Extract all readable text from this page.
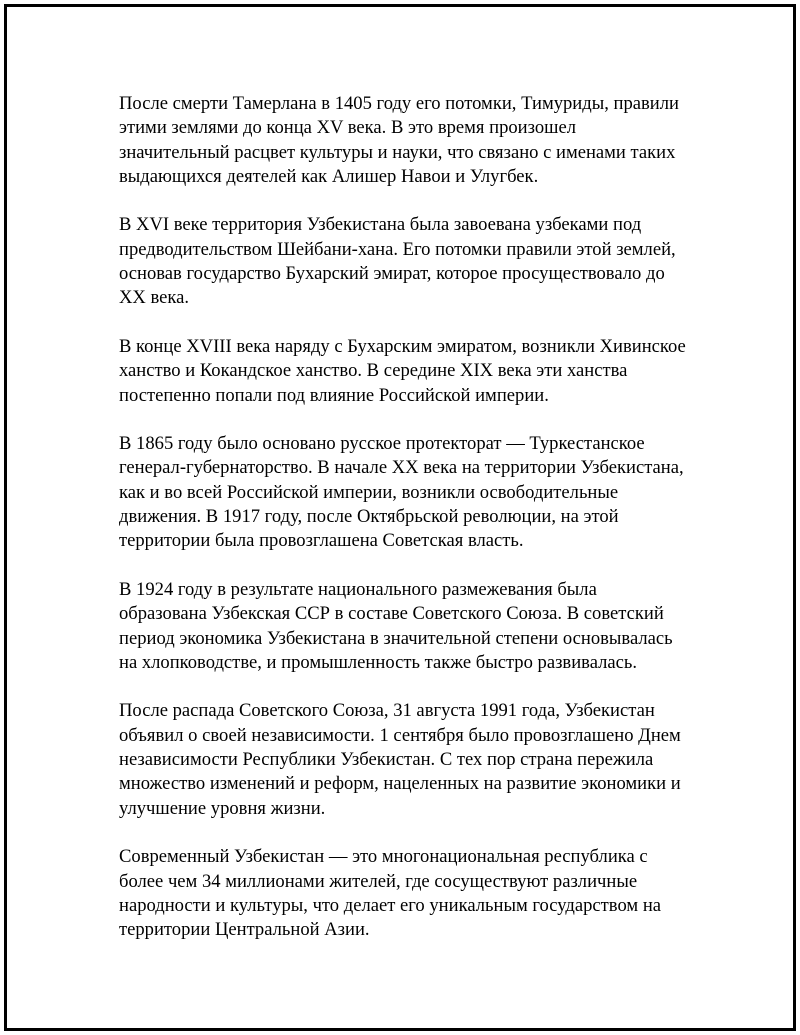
После смерти Тамерлана в 1405 году его потомки, Тимуриды, правили
этими землями до конца XV века. В это время произошел
значительный расцвет культуры и науки, что связано с именами таких
выдающихся деятелей как Алишер Навои и Улугбек.

В XVI веке территория Узбекистана была завоевана узбеками под
предводительством Шейбани-хана. Его потомки правили этой землей,
основав государство Бухарский эмират, которое просуществовало до
XX века.

В конце XVIII века наряду с Бухарским эмиратом, возникли Хивинское
ханство и Кокандское ханство. В середине XIX века эти ханства
постепенно попали под влияние Российской империи.

В 1865 году было основано русское протекторат — Туркестанское
генерал-губернаторство. В начале XX века на территории Узбекистана,
как и во всей Российской империи, возникли освободительные
движения. В 1917 году, после Октябрьской революции, на этой
территории была провозглашена Советская власть.

В 1924 году в результате национального размежевания была
образована Узбекская ССР в составе Советского Союза. В советский
период экономика Узбекистана в значительной степени основывалась
на хлопководстве, и промышленность также быстро развивалась.

После распада Советского Союза, 31 августа 1991 года, Узбекистан
объявил о своей независимости. 1 сентября было провозглашено Днем
независимости Республики Узбекистан. С тех пор страна пережила
множество изменений и реформ, нацеленных на развитие экономики и
улучшение уровня жизни.

Современный Узбекистан — это многонациональная республика с
более чем 34 миллионами жителей, где сосуществуют различные
народности и культуры, что делает его уникальным государством на
территории Центральной Азии.
